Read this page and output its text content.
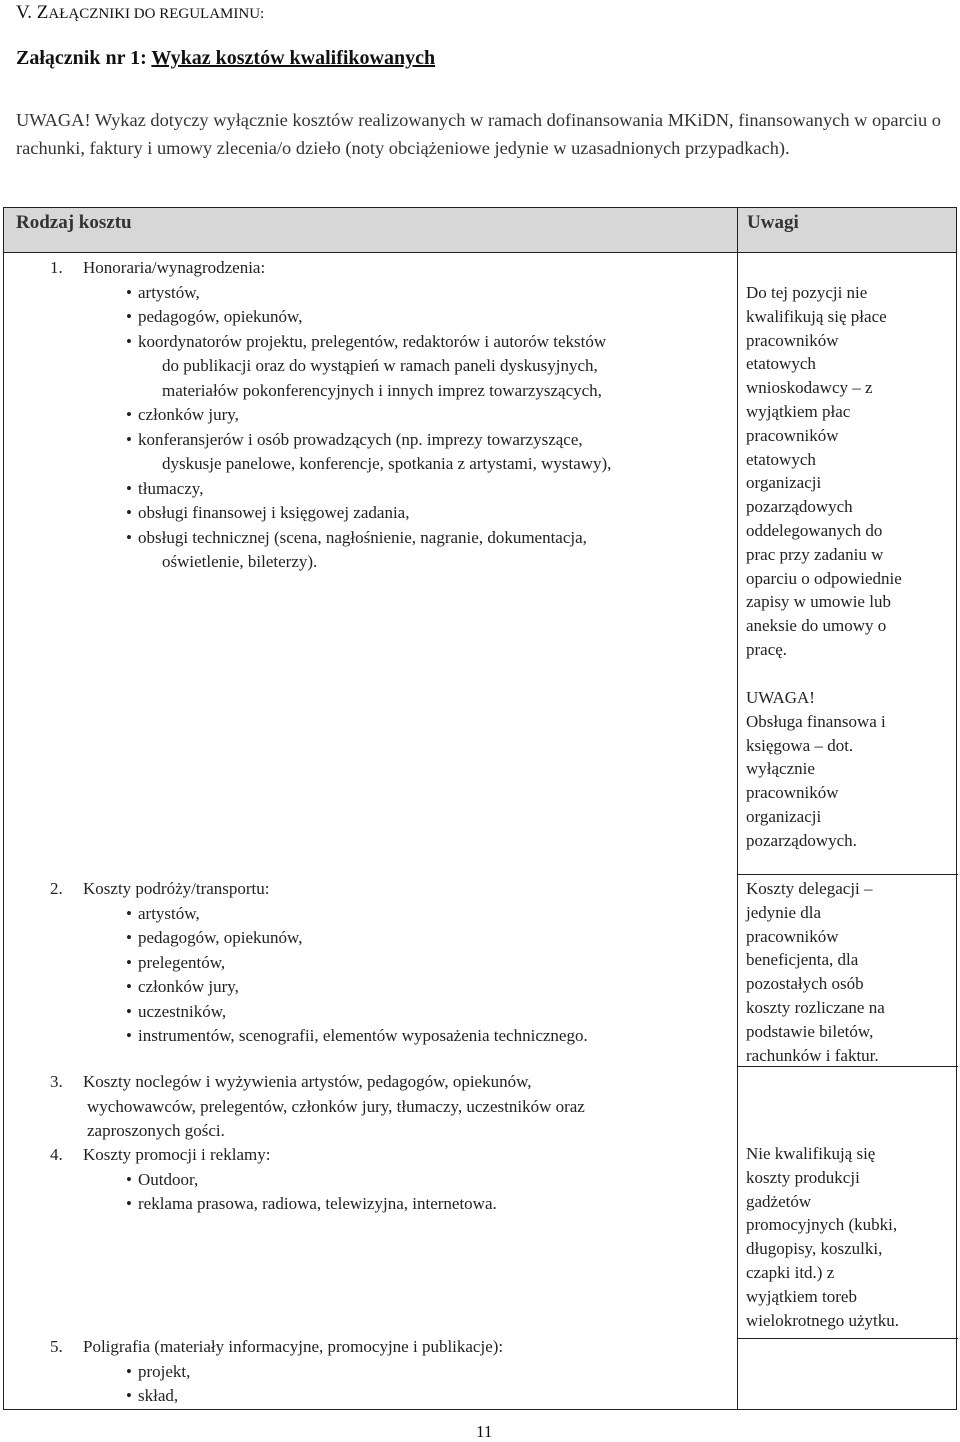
V. ZAŁĄCZNIKI DO REGULAMINU:
Załącznik nr 1: Wykaz kosztów kwalifikowanych

UWAGA! Wykaz dotyczy wyłącznie kosztów realizowanych w ramach dofinansowania MKiDN, finansowanych w oparciu o rachunki, faktury i umowy zlecenia/o dzieło (noty obciążeniowe jedynie w uzasadnionych przypadkach).

Rodzaj kosztu	Uwagi
1. Honoraria/wynagrodzenia:
• artystów,
• pedagogów, opiekunów,
• koordynatorów projektu, prelegentów, redaktorów i autorów tekstów
do publikacji oraz do wystąpień w ramach paneli dyskusyjnych,
materiałów pokonferencyjnych i innych imprez towarzyszących,
• członków jury,
• konferansjerów i osób prowadzących (np. imprezy towarzyszące,
dyskusje panelowe, konferencje, spotkania z artystami, wystawy),
• tłumaczy,
• obsługi finansowej i księgowej zadania,
• obsługi technicznej (scena, nagłośnienie, nagranie, dokumentacja,
oświetlenie, bileterzy).
2. Koszty podróży/transportu:
• artystów,
• pedagogów, opiekunów,
• prelegentów,
• członków jury,
• uczestników,
• instrumentów, scenografii, elementów wyposażenia technicznego.
3. Koszty noclegów i wyżywienia artystów, pedagogów, opiekunów,
wychowawców, prelegentów, członków jury, tłumaczy, uczestników oraz
zaproszonych gości.
4. Koszty promocji i reklamy:
• Outdoor,
• reklama prasowa, radiowa, telewizyjna, internetowa.
5. Poligrafia (materiały informacyjne, promocyjne i publikacje):
• projekt,
• skład,
Do tej pozycji nie
kwalifikują się płace
pracowników
etatowych
wnioskodawcy – z
wyjątkiem płac
pracowników
etatowych
organizacji
pozarządowych
oddelegowanych do
prac przy zadaniu w
oparciu o odpowiednie
zapisy w umowie lub
aneksie do umowy o
pracę.
UWAGA!
Obsługa finansowa i
księgowa – dot.
wyłącznie
pracowników
organizacji
pozarządowych.
Koszty delegacji –
jedynie dla
pracowników
beneficjenta, dla
pozostałych osób
koszty rozliczane na
podstawie biletów,
rachunków i faktur.
Nie kwalifikują się
koszty produkcji
gadżetów
promocyjnych (kubki,
długopisy, koszulki,
czapki itd.) z
wyjątkiem toreb
wielokrotnego użytku.
11
